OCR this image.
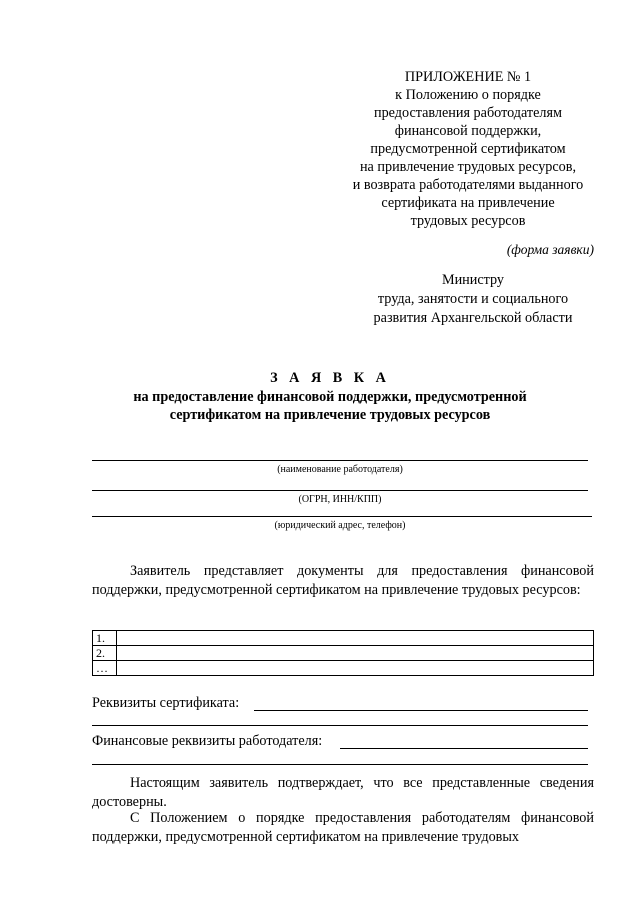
ПРИЛОЖЕНИЕ № 1
к Положению о порядке
предоставления работодателям
финансовой поддержки,
предусмотренной сертификатом
на привлечение трудовых ресурсов,
и возврата работодателями выданного
сертификата на привлечение
трудовых ресурсов
(форма заявки)
Министру
труда, занятости и социального
развития Архангельской области
З А Я В К А
на предоставление финансовой поддержки, предусмотренной
сертификатом на привлечение трудовых ресурсов
(наименование работодателя)
(ОГРН, ИНН/КПП)
(юридический адрес, телефон)
Заявитель представляет документы для предоставления финансовой поддержки, предусмотренной сертификатом на привлечение трудовых ресурсов:
1.	
2.	
…	
Реквизиты сертификата:
Финансовые реквизиты работодателя:
Настоящим заявитель подтверждает, что все представленные сведения достоверны.
С Положением о порядке предоставления работодателям финансовой поддержки, предусмотренной сертификатом на привлечение трудовых
